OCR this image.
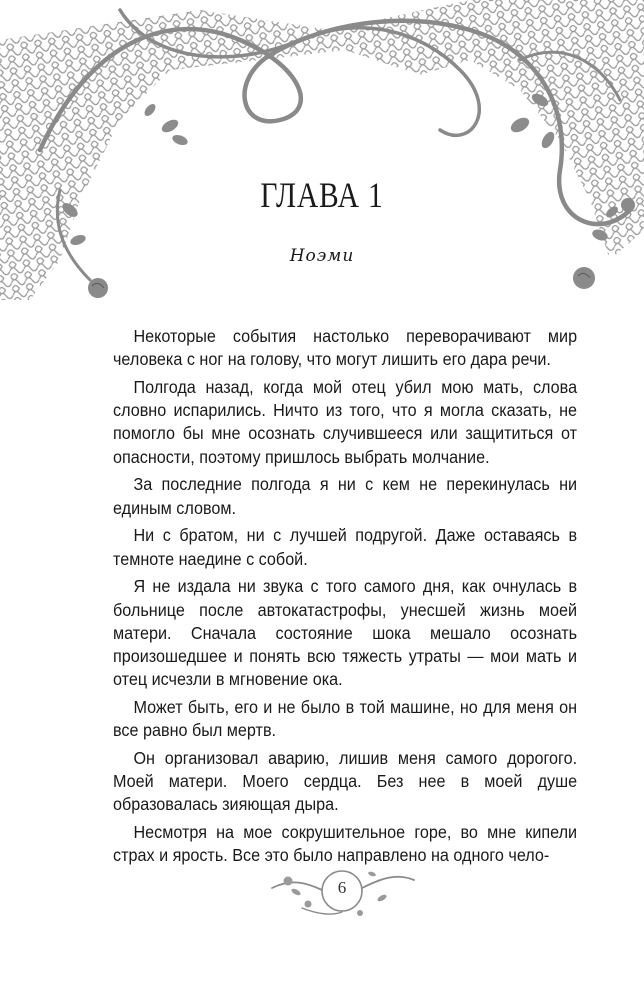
ГЛАВА 1
Ноэми

Некоторые события настолько переворачивают мир человека с ног на голову, что могут лишить его дара речи.

Полгода назад, когда мой отец убил мою мать, слова словно испарились. Ничто из того, что я могла сказать, не помогло бы мне осознать случившееся или защититься от опасности, поэтому пришлось выбрать молчание.

За последние полгода я ни с кем не перекинулась ни единым словом.

Ни с братом, ни с лучшей подругой. Даже оставаясь в темноте наедине с собой.

Я не издала ни звука с того самого дня, как очнулась в больнице после автокатастрофы, унесшей жизнь моей матери. Сначала состояние шока мешало осознать произошедшее и понять всю тяжесть утраты — мои мать и отец исчезли в мгновение ока.

Может быть, его и не было в той машине, но для меня он все равно был мертв.

Он организовал аварию, лишив меня самого дорогого. Моей матери. Моего сердца. Без нее в моей душе образовалась зияющая дыра.

Несмотря на мое сокрушительное горе, во мне кипели страх и ярость. Все это было направлено на одного чело-

6
